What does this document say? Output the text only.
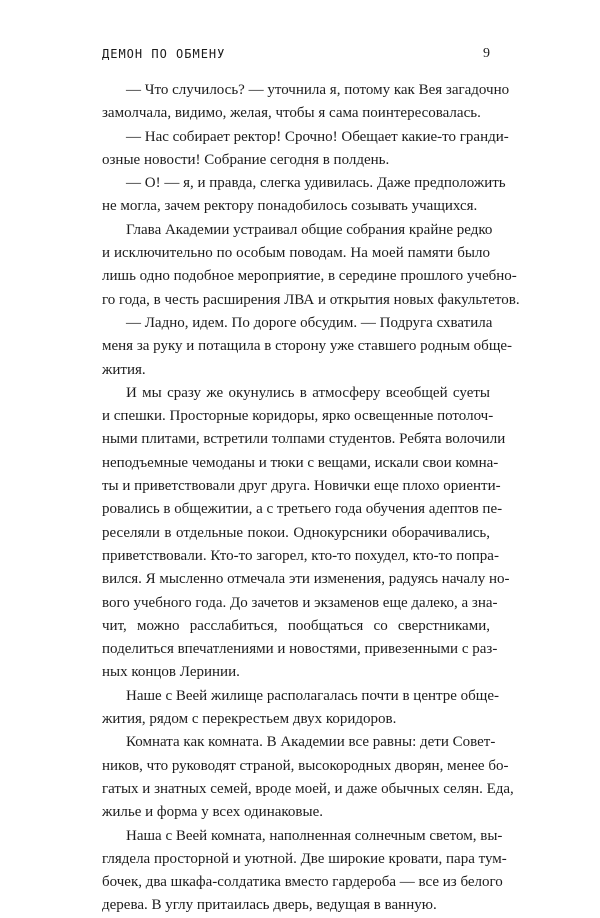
ДЕМОН ПО ОБМЕНУ	9
— Что случилось? — уточнила я, потому как Вея загадочно
замолчала, видимо, желая, чтобы я сама поинтересовалась.
— Нас собирает ректор! Срочно! Обещает какие-то гранди-
озные новости! Собрание сегодня в полдень.
— О! — я, и правда, слегка удивилась. Даже предположить
не могла, зачем ректору понадобилось созывать учащихся.
Глава Академии устраивал общие собрания крайне редко
и исключительно по особым поводам. На моей памяти было
лишь одно подобное мероприятие, в середине прошлого учебно-
го года, в честь расширения ЛВА и открытия новых факультетов.
— Ладно, идем. По дороге обсудим. — Подруга схватила
меня за руку и потащила в сторону уже ставшего родным обще-
жития.
И мы сразу же окунулись в атмосферу всеобщей суеты
и спешки. Просторные коридоры, ярко освещенные потолоч-
ными плитами, встретили толпами студентов. Ребята волочили
неподъемные чемоданы и тюки с вещами, искали свои комна-
ты и приветствовали друг друга. Новички еще плохо ориенти-
ровались в общежитии, а с третьего года обучения адептов пе-
реселяли в отдельные покои. Однокурсники оборачивались,
приветствовали. Кто-то загорел, кто-то похудел, кто-то попра-
вился. Я мысленно отмечала эти изменения, радуясь началу но-
вого учебного года. До зачетов и экзаменов еще далеко, а зна-
чит, можно расслабиться, пообщаться со сверстниками,
поделиться впечатлениями и новостями, привезенными с раз-
ных концов Леринии.
Наше с Веей жилище располагалась почти в центре обще-
жития, рядом с перекрестьем двух коридоров.
Комната как комната. В Академии все равны: дети Совет-
ников, что руководят страной, высокородных дворян, менее бо-
гатых и знатных семей, вроде моей, и даже обычных селян. Еда,
жилье и форма у всех одинаковые.
Наша с Веей комната, наполненная солнечным светом, вы-
глядела просторной и уютной. Две широкие кровати, пара тум-
бочек, два шкафа-солдатика вместо гардероба — все из белого
дерева. В углу притаилась дверь, ведущая в ванную.
